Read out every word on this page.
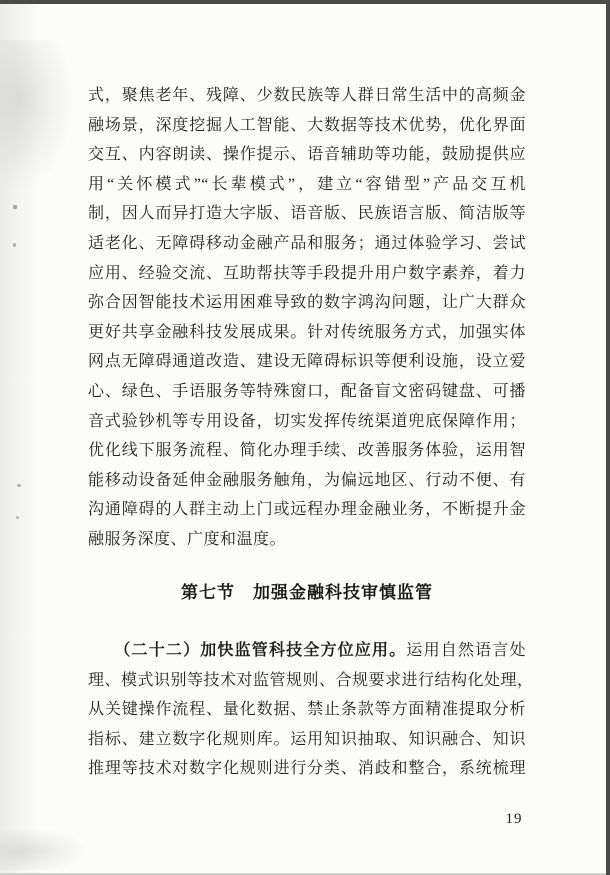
式，聚焦老年、残障、少数民族等人群日常生活中的高频金
融场景，深度挖掘人工智能、大数据等技术优势，优化界面
交互、内容朗读、操作提示、语音辅助等功能，鼓励提供应
用“关怀模式”“长辈模式”，建立“容错型”产品交互机
制，因人而异打造大字版、语音版、民族语言版、简洁版等
适老化、无障碍移动金融产品和服务；通过体验学习、尝试
应用、经验交流、互助帮扶等手段提升用户数字素养，着力
弥合因智能技术运用困难导致的数字鸿沟问题，让广大群众
更好共享金融科技发展成果。针对传统服务方式，加强实体
网点无障碍通道改造、建设无障碍标识等便利设施，设立爱
心、绿色、手语服务等特殊窗口，配备盲文密码键盘、可播
音式验钞机等专用设备，切实发挥传统渠道兜底保障作用；
优化线下服务流程、简化办理手续、改善服务体验，运用智
能移动设备延伸金融服务触角，为偏远地区、行动不便、有
沟通障碍的人群主动上门或远程办理金融业务，不断提升金
融服务深度、广度和温度。
第七节　加强金融科技审慎监管
　　（二十二）加快监管科技全方位应用。运用自然语言处
理、模式识别等技术对监管规则、合规要求进行结构化处理，
从关键操作流程、量化数据、禁止条款等方面精准提取分析
指标、建立数字化规则库。运用知识抽取、知识融合、知识
推理等技术对数字化规则进行分类、消歧和整合，系统梳理
19
